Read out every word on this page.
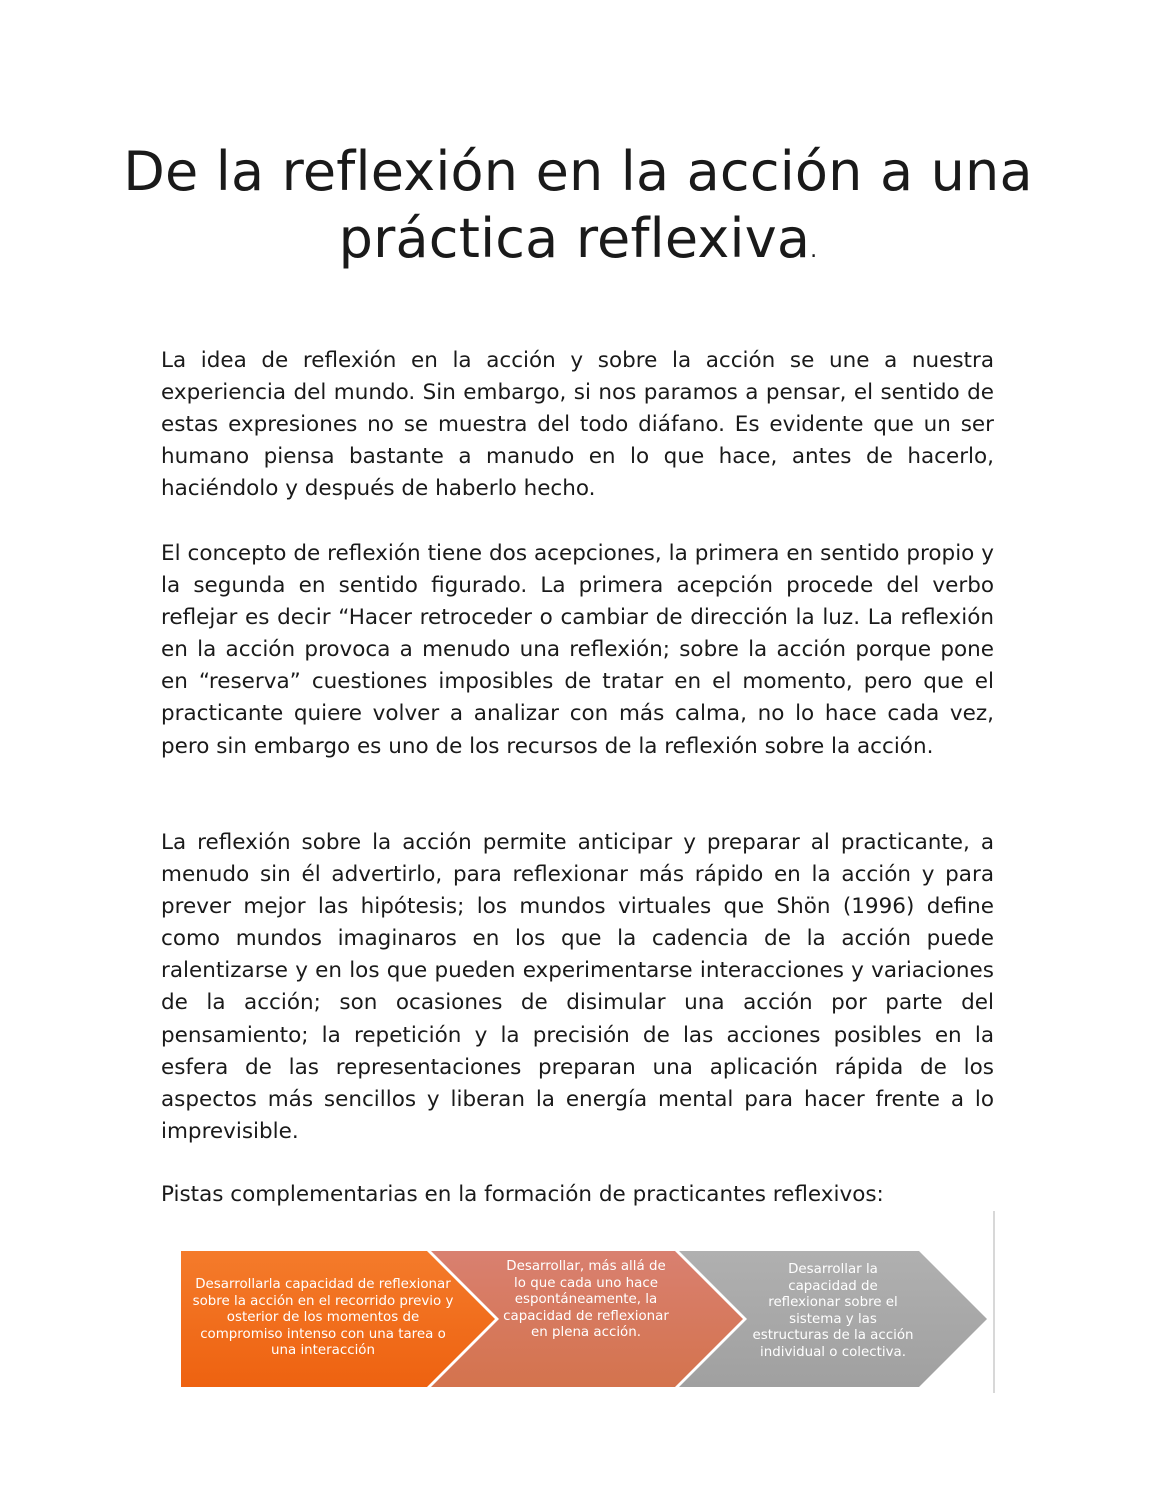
De la reflexión en la acción a una práctica reflexiva.

La idea de reflexión en la acción y sobre la acción se une a nuestra experiencia del mundo. Sin embargo, si nos paramos a pensar, el sentido de estas expresiones no se muestra del todo diáfano. Es evidente que un ser humano piensa bastante a manudo en lo que hace, antes de hacerlo, haciéndolo y después de haberlo hecho.

El concepto de reflexión tiene dos acepciones, la primera en sentido propio y la segunda en sentido figurado. La primera acepción procede del verbo reflejar es decir “Hacer retroceder o cambiar de dirección la luz. La reflexión en la acción provoca a menudo una reflexión; sobre la acción porque pone en “reserva” cuestiones imposibles de tratar en el momento, pero que el practicante quiere volver a analizar con más calma, no lo hace cada vez, pero sin embargo es uno de los recursos de la reflexión sobre la acción.

La reflexión sobre la acción permite anticipar y preparar al practicante, a menudo sin él advertirlo, para reflexionar más rápido en la acción y para prever mejor las hipótesis; los mundos virtuales que Shön (1996) define como mundos imaginaros en los que la cadencia de la acción puede ralentizarse y en los que pueden experimentarse interacciones y variaciones de la acción; son ocasiones de disimular una acción por parte del pensamiento; la repetición y la precisión de las acciones posibles en la esfera de las representaciones preparan una aplicación rápida de los aspectos más sencillos y liberan la energía mental para hacer frente a lo imprevisible.

Pistas complementarias en la formación de practicantes reflexivos:

Desarrollarla capacidad de reflexionar sobre la acción en el recorrido previo y osterior de los momentos de compromiso intenso con una tarea o una interacción
Desarrollar, más allá de lo que cada uno hace espontáneamente, la capacidad de reflexionar en plena acción.
Desarrollar la capacidad de reflexionar sobre el sistema y las estructuras de la acción individual o colectiva.
